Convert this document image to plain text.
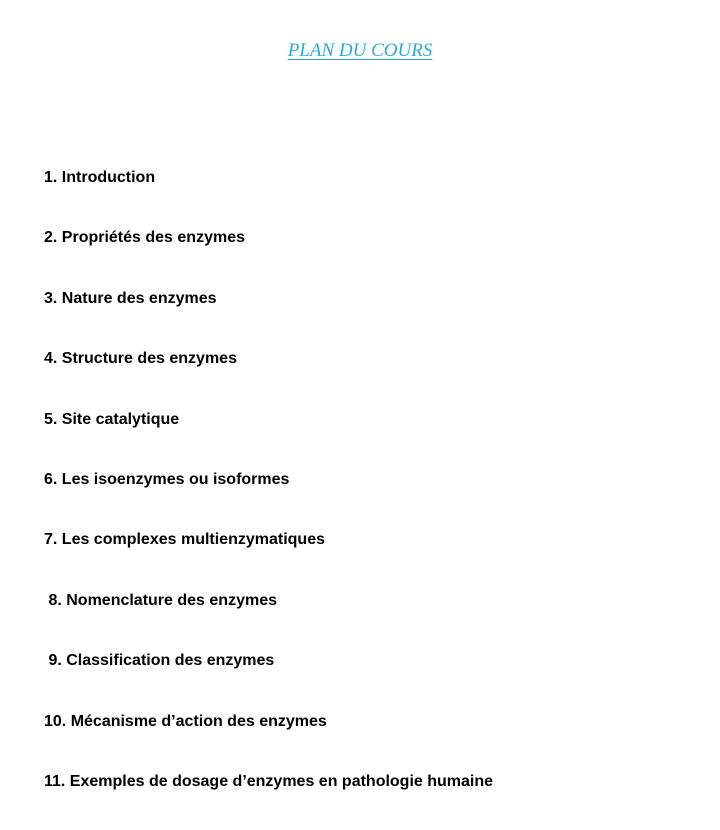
PLAN DU COURS

1. Introduction

2. Propriétés des enzymes

3. Nature des enzymes

4. Structure des enzymes

5. Site catalytique

6. Les isoenzymes ou isoformes

7. Les complexes multienzymatiques

8. Nomenclature des enzymes

9. Classification des enzymes

10. Mécanisme d’action des enzymes

11. Exemples de dosage d’enzymes en pathologie humaine
